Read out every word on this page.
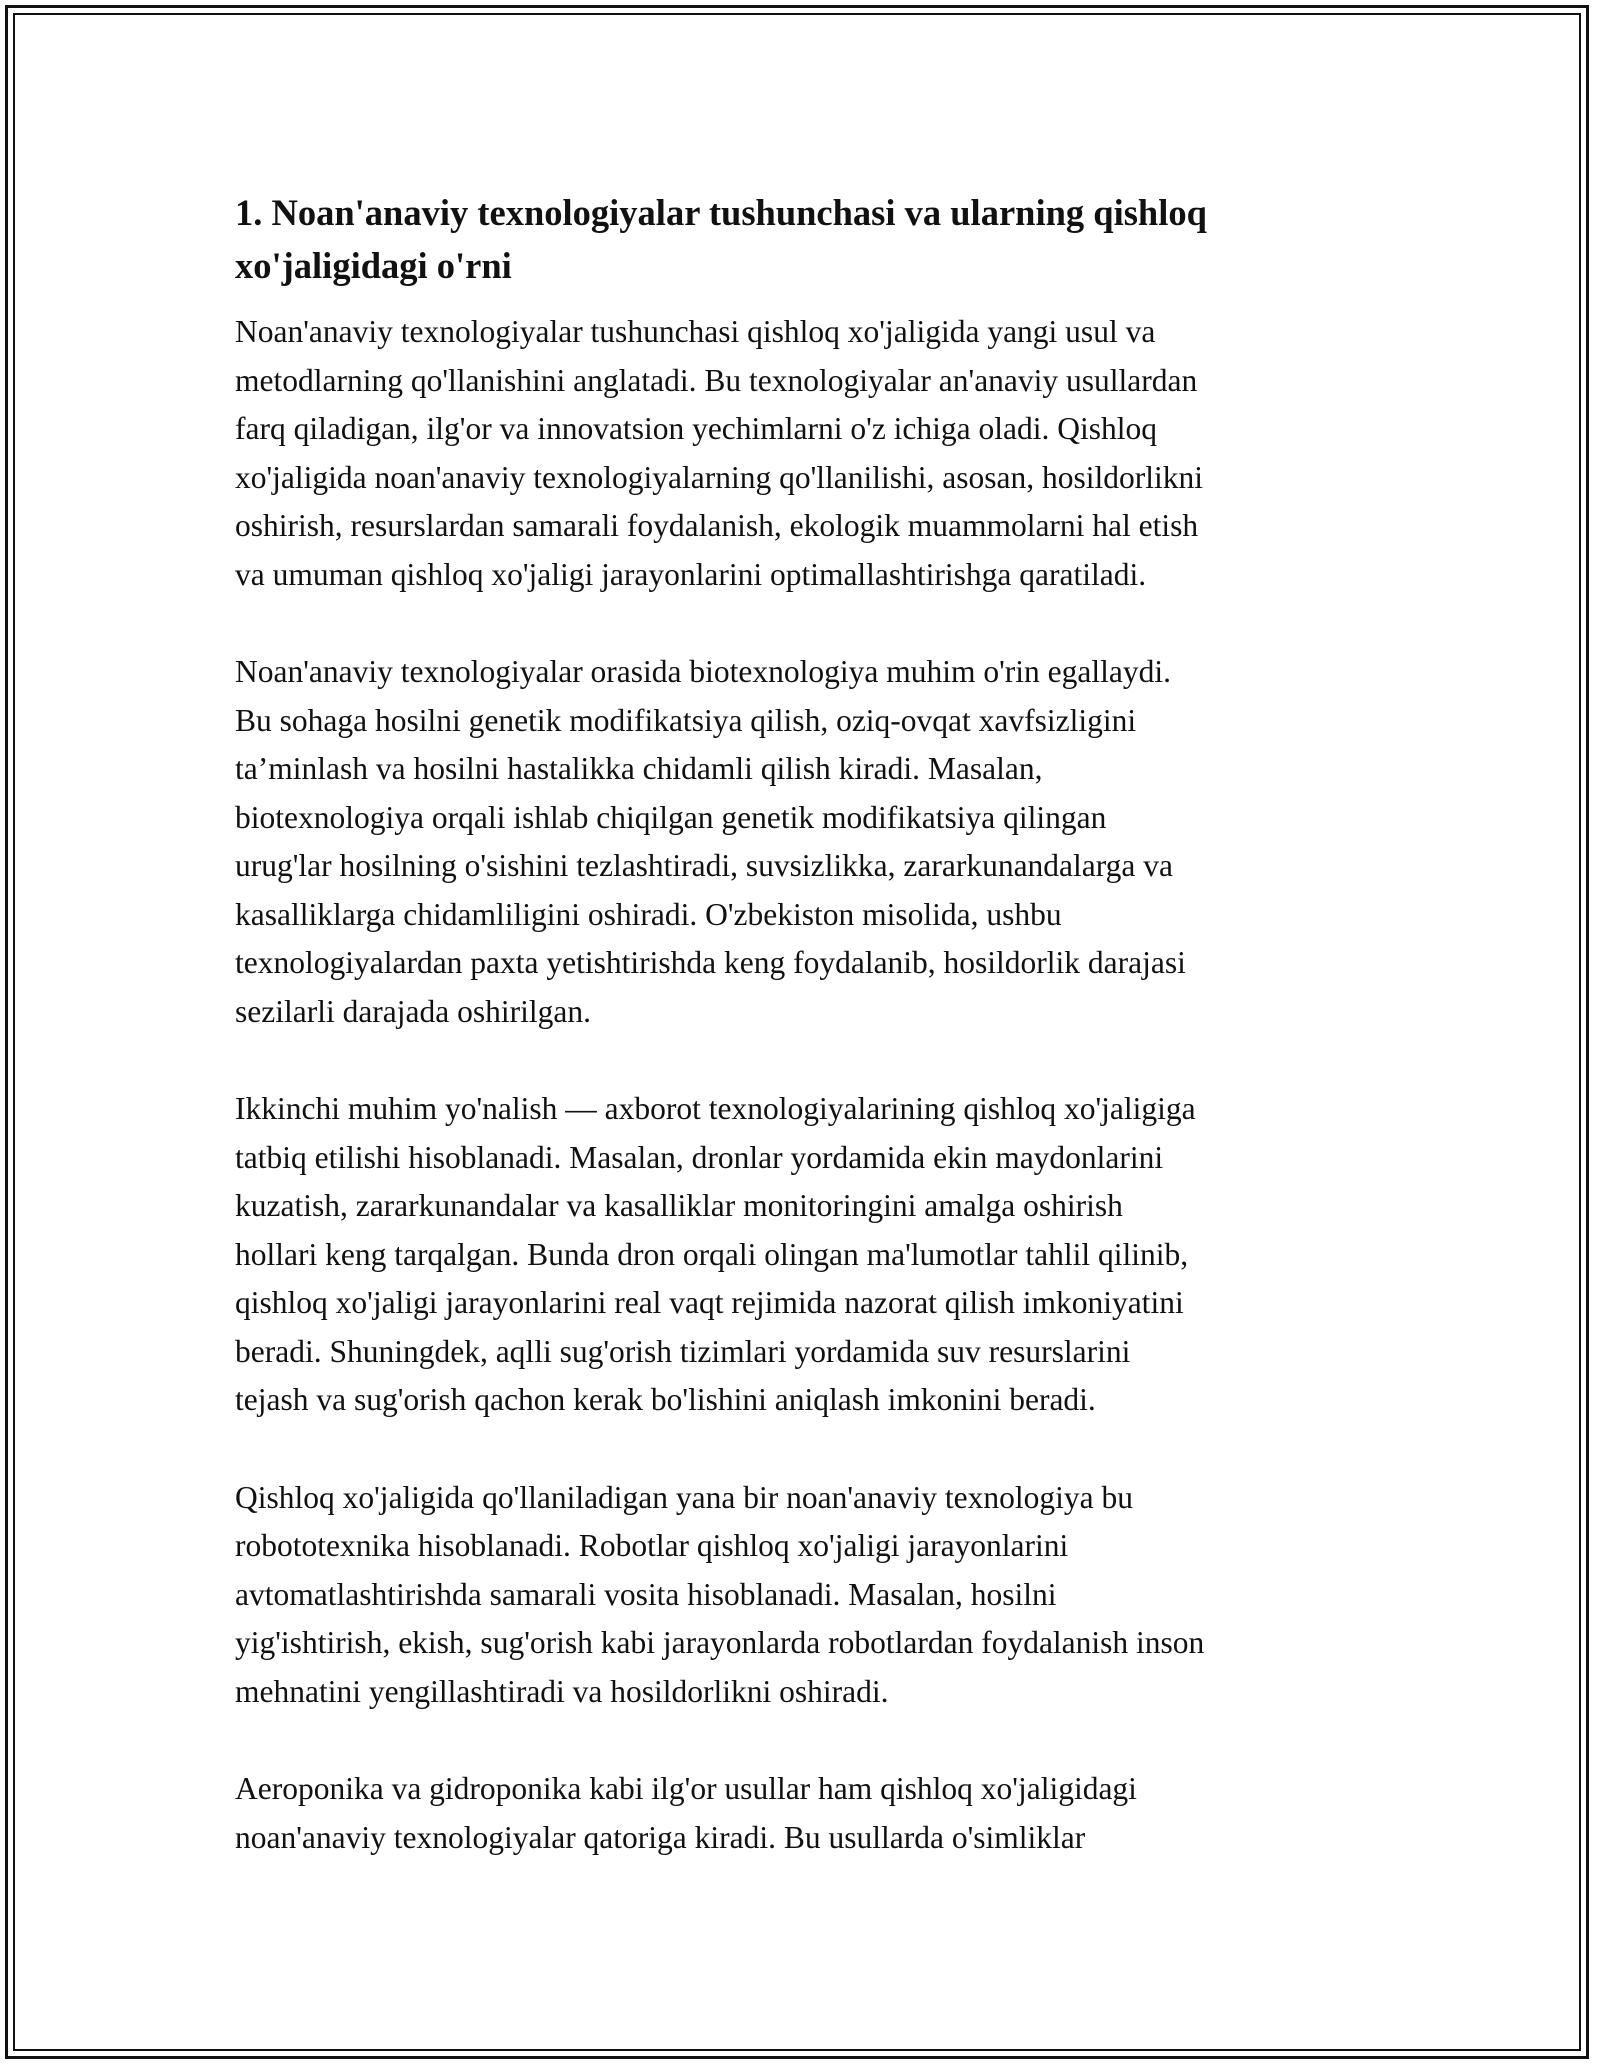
1. Noan'anaviy texnologiyalar tushunchasi va ularning qishloq
xo'jaligidagi o'rni
Noan'anaviy texnologiyalar tushunchasi qishloq xo'jaligida yangi usul va
metodlarning qo'llanishini anglatadi. Bu texnologiyalar an'anaviy usullardan
farq qiladigan, ilg'or va innovatsion yechimlarni o'z ichiga oladi. Qishloq
xo'jaligida noan'anaviy texnologiyalarning qo'llanilishi, asosan, hosildorlikni
oshirish, resurslardan samarali foydalanish, ekologik muammolarni hal etish
va umuman qishloq xo'jaligi jarayonlarini optimallashtirishga qaratiladi.
Noan'anaviy texnologiyalar orasida biotexnologiya muhim o'rin egallaydi.
Bu sohaga hosilni genetik modifikatsiya qilish, oziq-ovqat xavfsizligini
ta’minlash va hosilni hastalikka chidamli qilish kiradi. Masalan,
biotexnologiya orqali ishlab chiqilgan genetik modifikatsiya qilingan
urug'lar hosilning o'sishini tezlashtiradi, suvsizlikka, zararkunandalarga va
kasalliklarga chidamliligini oshiradi. O'zbekiston misolida, ushbu
texnologiyalardan paxta yetishtirishda keng foydalanib, hosildorlik darajasi
sezilarli darajada oshirilgan.
Ikkinchi muhim yo'nalish — axborot texnologiyalarining qishloq xo'jaligiga
tatbiq etilishi hisoblanadi. Masalan, dronlar yordamida ekin maydonlarini
kuzatish, zararkunandalar va kasalliklar monitoringini amalga oshirish
hollari keng tarqalgan. Bunda dron orqali olingan ma'lumotlar tahlil qilinib,
qishloq xo'jaligi jarayonlarini real vaqt rejimida nazorat qilish imkoniyatini
beradi. Shuningdek, aqlli sug'orish tizimlari yordamida suv resurslarini
tejash va sug'orish qachon kerak bo'lishini aniqlash imkonini beradi.
Qishloq xo'jaligida qo'llaniladigan yana bir noan'anaviy texnologiya bu
robototexnika hisoblanadi. Robotlar qishloq xo'jaligi jarayonlarini
avtomatlashtirishda samarali vosita hisoblanadi. Masalan, hosilni
yig'ishtirish, ekish, sug'orish kabi jarayonlarda robotlardan foydalanish inson
mehnatini yengillashtiradi va hosildorlikni oshiradi.
Aeroponika va gidroponika kabi ilg'or usullar ham qishloq xo'jaligidagi
noan'anaviy texnologiyalar qatoriga kiradi. Bu usullarda o'simliklar
